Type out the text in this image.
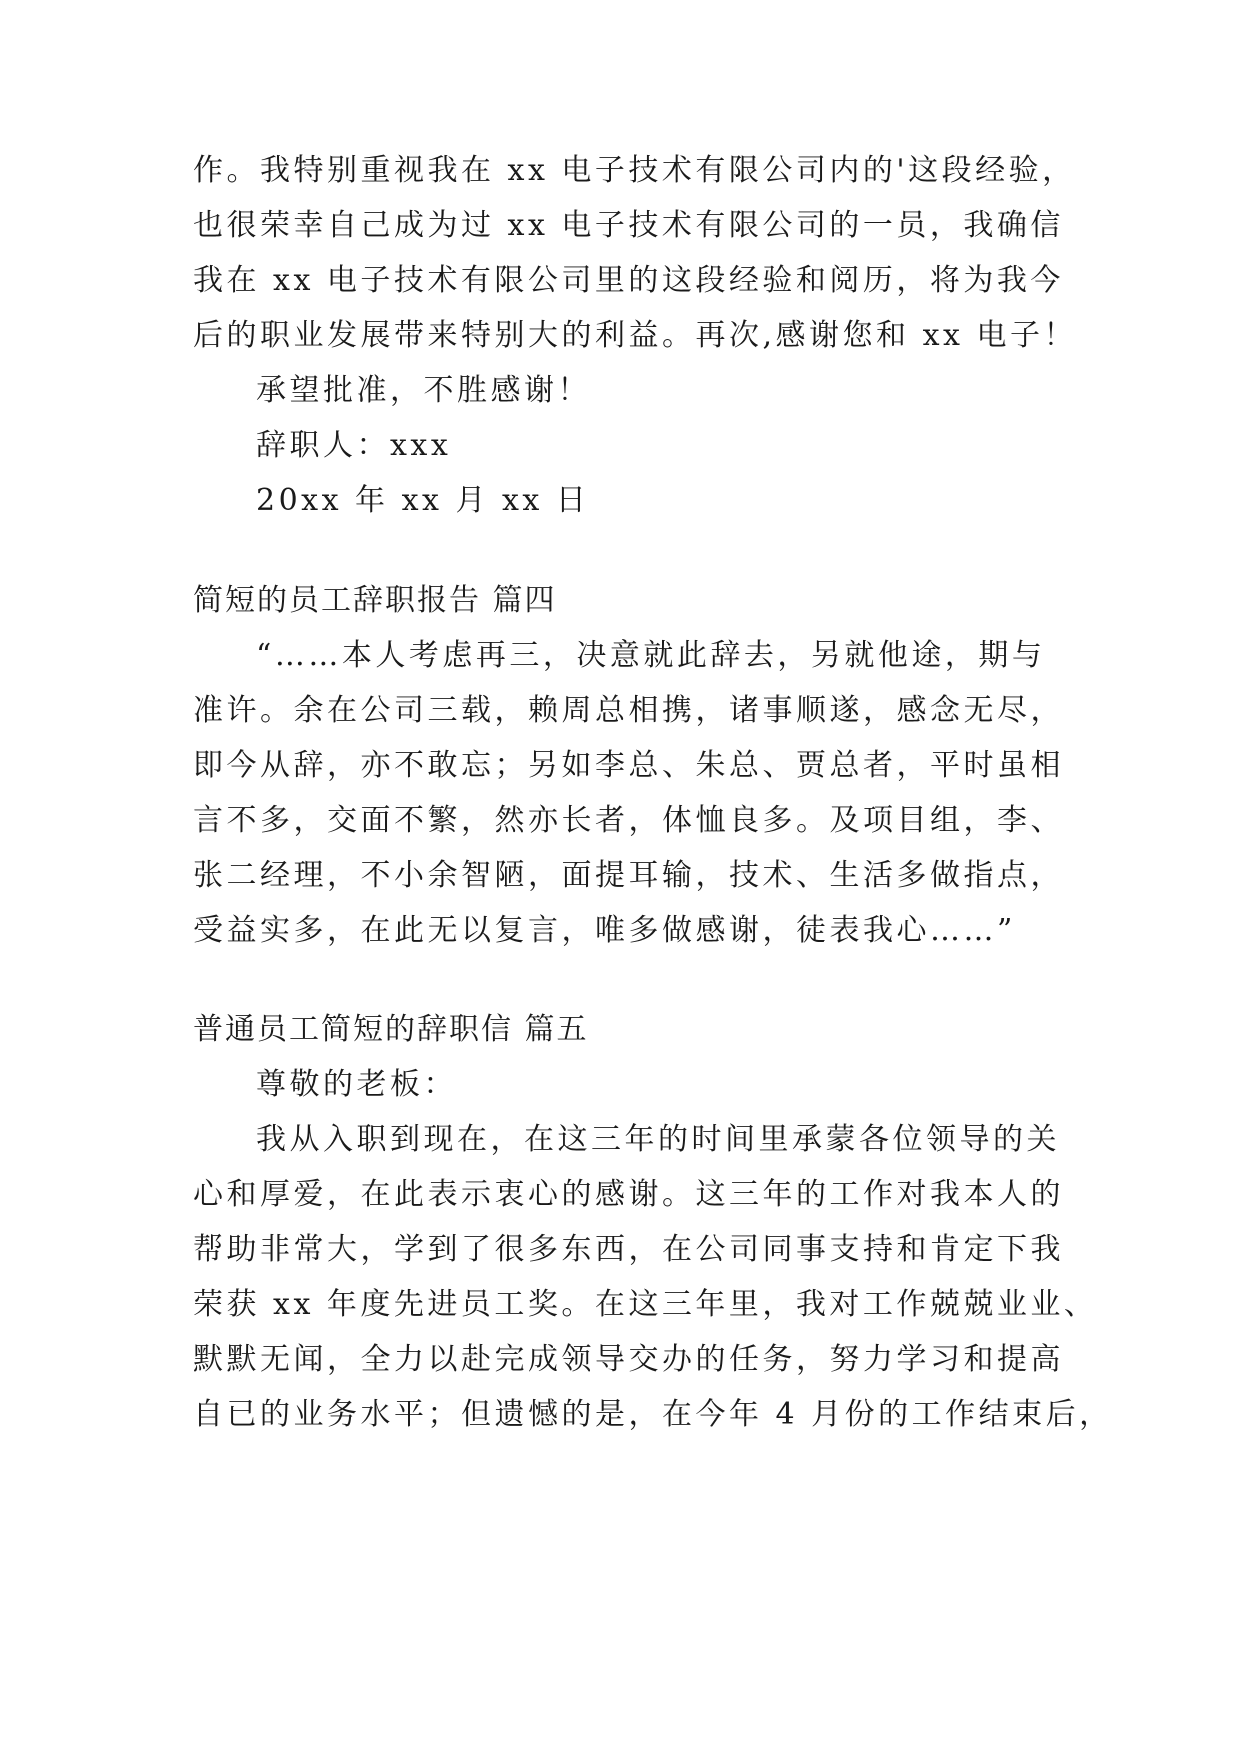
作。我特别重视我在 xx 电子技术有限公司内的'这段经验，
也很荣幸自己成为过 xx 电子技术有限公司的一员，我确信
我在 xx 电子技术有限公司里的这段经验和阅历，将为我今
后的职业发展带来特别大的利益。再次,感谢您和 xx 电子！
承望批准，不胜感谢！
辞职人：xxx
20xx 年 xx 月 xx 日
简短的员工辞职报告 篇四
“……本人考虑再三，决意就此辞去，另就他途，期与
准许。余在公司三载，赖周总相携，诸事顺遂，感念无尽，
即今从辞，亦不敢忘；另如李总、朱总、贾总者，平时虽相
言不多，交面不繁，然亦长者，体恤良多。及项目组，李、
张二经理，不小余智陋，面提耳输，技术、生活多做指点，
受益实多，在此无以复言，唯多做感谢，徒表我心……”
普通员工简短的辞职信 篇五
尊敬的老板：
我从入职到现在，在这三年的时间里承蒙各位领导的关
心和厚爱，在此表示衷心的感谢。这三年的工作对我本人的
帮助非常大，学到了很多东西，在公司同事支持和肯定下我
荣获 xx 年度先进员工奖。在这三年里，我对工作兢兢业业、
默默无闻，全力以赴完成领导交办的任务，努力学习和提高
自已的业务水平；但遗憾的是，在今年 4 月份的工作结束后，
